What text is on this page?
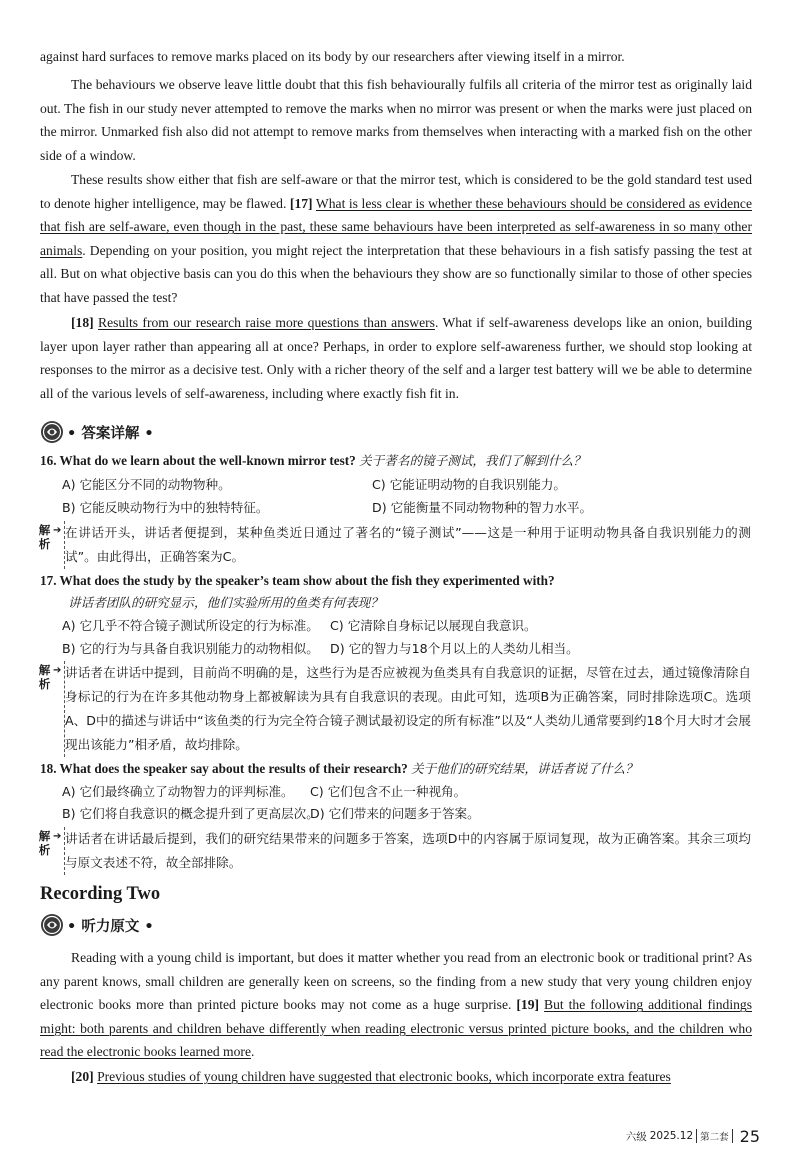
against hard surfaces to remove marks placed on its body by our researchers after viewing itself in a mirror.

The behaviours we observe leave little doubt that this fish behaviourally fulfils all criteria of the mirror test as originally laid out. The fish in our study never attempted to remove the marks when no mirror was present or when the marks were just placed on the mirror. Unmarked fish also did not attempt to remove marks from themselves when interacting with a marked fish on the other side of a window.

These results show either that fish are self-aware or that the mirror test, which is considered to be the gold standard test used to denote higher intelligence, may be flawed. [17] What is less clear is whether these behaviours should be considered as evidence that fish are self-aware, even though in the past, these same behaviours have been interpreted as self-awareness in so many other animals. Depending on your position, you might reject the interpretation that these behaviours in a fish satisfy passing the test at all. But on what objective basis can you do this when the behaviours they show are so functionally similar to those of other species that have passed the test?

[18] Results from our research raise more questions than answers. What if self-awareness develops like an onion, building layer upon layer rather than appearing all at once? Perhaps, in order to explore self-awareness further, we should stop looking at responses to the mirror as a decisive test. Only with a richer theory of the self and a larger test battery will we be able to determine all of the various levels of self-awareness, including where exactly fish fit in.

• 答案详解 •

16. What do we learn about the well-known mirror test? 关于著名的镜子测试，我们了解到什么？

A) 它能区分不同的动物物种。	C) 它能证明动物的自我识别能力。
B) 它能反映动物行为中的独特特征。	D) 它能衡量不同动物物种的智力水平。
解析
➔ 在讲话开头，讲话者便提到，某种鱼类近日通过了著名的“镜子测试”——这是一种用于证明动物具备自我识别能力的测试”。由此得出，正确答案为C。

17. What does the study by the speaker’s team show about the fish they experimented with?

讲话者团队的研究显示，他们实验所用的鱼类有何表现？

A) 它几乎不符合镜子测试所设定的行为标准。 C) 它清除自身标记以展现自我意识。
B) 它的行为与具备自我识别能力的动物相似。 D) 它的智力与18个月以上的人类幼儿相当。
解析
➔ 讲话者在讲话中提到，目前尚不明确的是，这些行为是否应被视为鱼类具有自我意识的证据，尽管在过去，通过镜像清除自身标记的行为在许多其他动物身上都被解读为具有自我意识的表现。由此可知，选项B为正确答案，同时排除选项C。选项A、D中的描述与讲话中“该鱼类的行为完全符合镜子测试最初设定的所有标准”以及“人类幼儿通常要到约18个月大时才会展现出该能力”相矛盾，故均排除。

18. What does the speaker say about the results of their research? 关于他们的研究结果，讲话者说了什么？

A) 它们最终确立了动物智力的评判标准。 C) 它们包含不止一种视角。
B) 它们将自我意识的概念提升到了更高层次。
D) 它们带来的问题多于答案。
解析
➔ 讲话者在讲话最后提到，我们的研究结果带来的问题多于答案，选项D中的内容属于原词复现，故为正确答案。其余三项均与原文表述不符，故全部排除。
Recording Two
• 听力原文 •

Reading with a young child is important, but does it matter whether you read from an electronic book or traditional print? As any parent knows, small children are generally keen on screens, so the finding from a new study that very young children enjoy electronic books more than printed picture books may not come as a huge surprise. [19] But the following additional findings might: both parents and children behave differently when reading electronic versus printed picture books, and the children who read the electronic books learned more.

[20] Previous studies of young children have suggested that electronic books, which incorporate extra features

六级 2025.12 第二套 25
